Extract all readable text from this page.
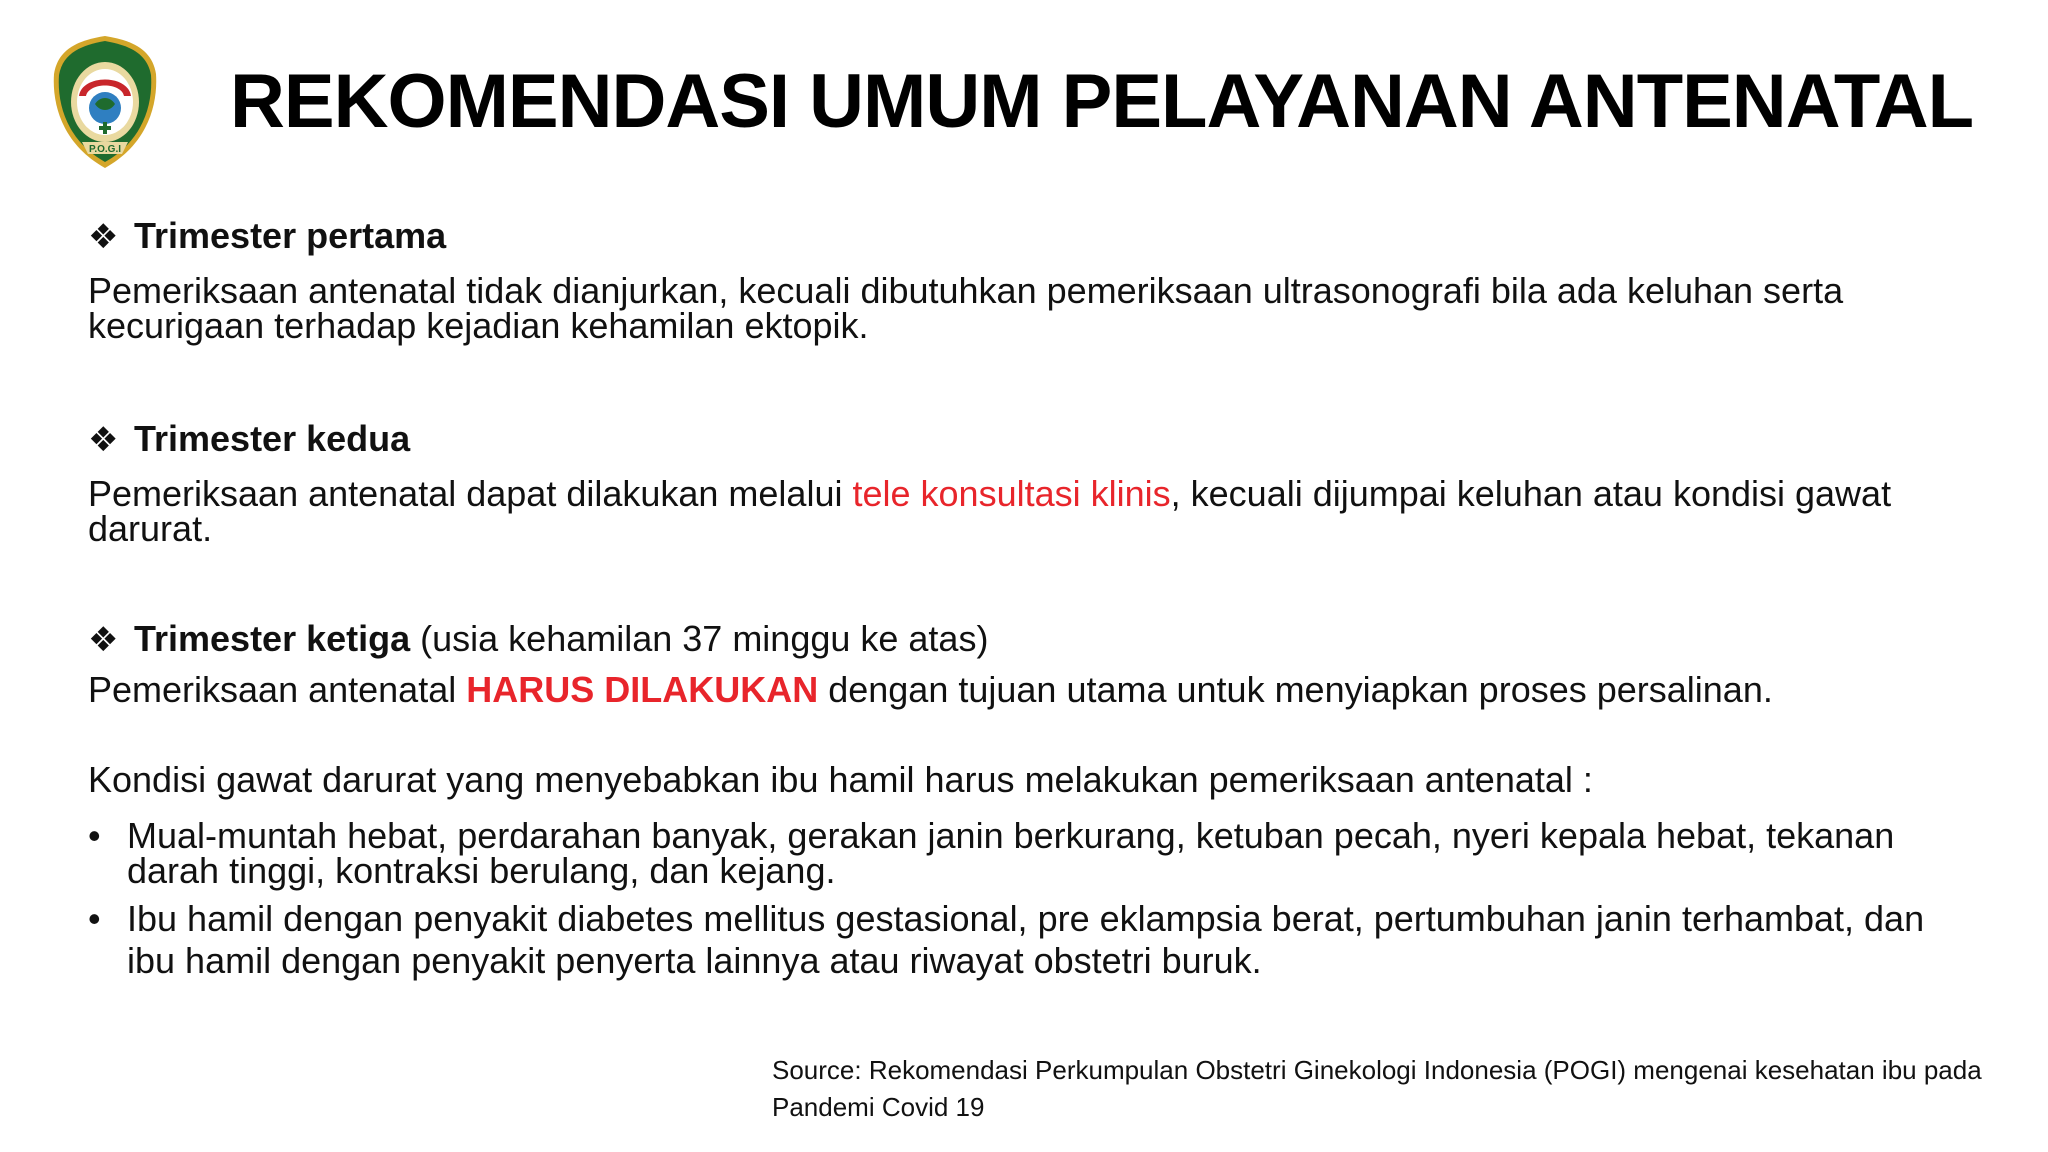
P.O.G.I
REKOMENDASI UMUM PELAYANAN ANTENATAL
❖ Trimester pertama
Pemeriksaan antenatal tidak dianjurkan, kecuali dibutuhkan pemeriksaan ultrasonografi bila ada keluhan serta kecurigaan terhadap kejadian kehamilan ektopik.
❖ Trimester kedua
Pemeriksaan antenatal dapat dilakukan melalui tele konsultasi klinis, kecuali dijumpai keluhan atau kondisi gawat darurat.
❖ Trimester ketiga (usia kehamilan 37 minggu ke atas)
Pemeriksaan antenatal HARUS DILAKUKAN dengan tujuan utama untuk menyiapkan proses persalinan.
Kondisi gawat darurat yang menyebabkan ibu hamil harus melakukan pemeriksaan antenatal :
• Mual-muntah hebat, perdarahan banyak, gerakan janin berkurang, ketuban pecah, nyeri kepala hebat, tekanan darah tinggi, kontraksi berulang, dan kejang.
• Ibu hamil dengan penyakit diabetes mellitus gestasional, pre eklampsia berat, pertumbuhan janin terhambat, dan ibu hamil dengan penyakit penyerta lainnya atau riwayat obstetri buruk.
Source: Rekomendasi Perkumpulan Obstetri Ginekologi Indonesia (POGI) mengenai kesehatan ibu pada Pandemi Covid 19
